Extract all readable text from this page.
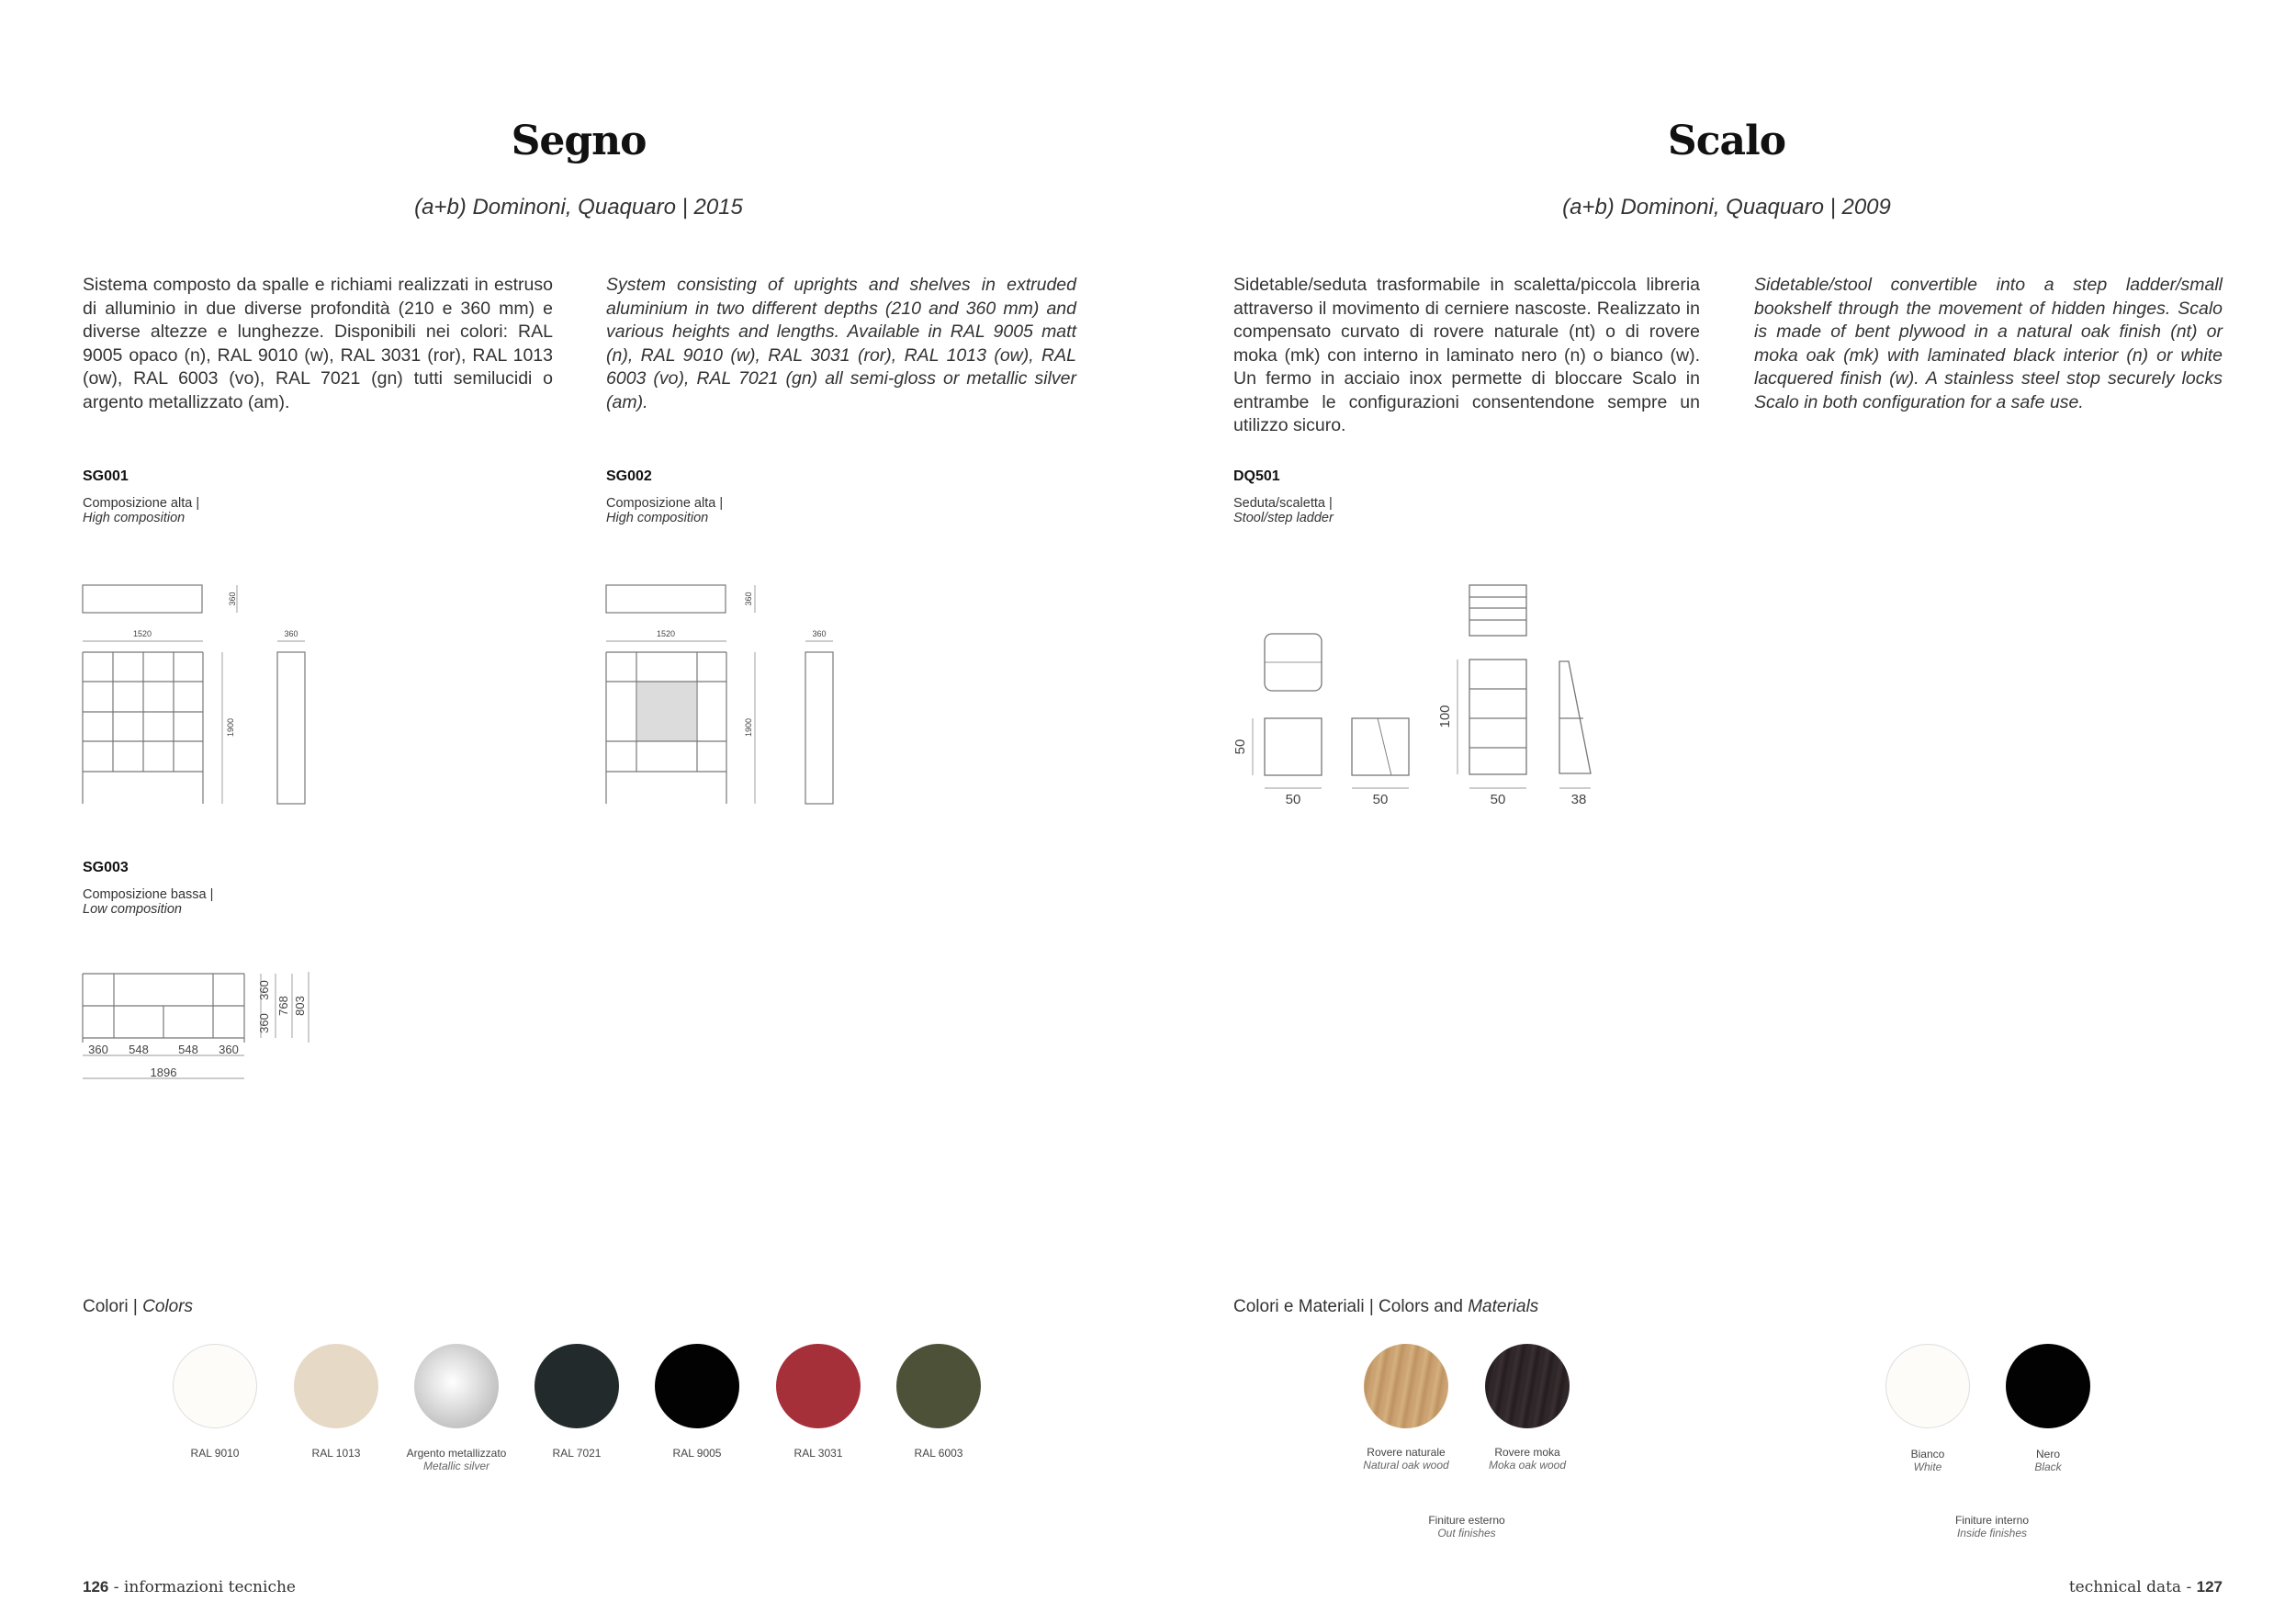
Segno
(a+b) Dominoni, Quaquaro | 2015
Sistema composto da spalle e richiami realizzati in estruso di alluminio in due diverse profondità (210 e 360 mm) e diverse altezze e lunghezze. Disponibili nei colori: RAL 9005 opaco (n), RAL 9010 (w), RAL 3031 (ror), RAL 1013 (ow), RAL 6003 (vo), RAL 7021 (gn) tutti semilucidi o argento metallizzato (am).
System consisting of uprights and shelves in extruded aluminium in two different depths (210 and 360 mm) and various heights and lengths. Available in RAL 9005 matt (n), RAL 9010 (w), RAL 3031 (ror), RAL 1013 (ow), RAL 6003 (vo), RAL 7021 (gn) all semi-gloss or metallic silver (am).
SG001
Composizione alta |
High composition
1520	360
360
1900
SG002
Composizione alta |
High composition
1520	360
360
1900
SG003
Composizione bassa |
Low composition
360 548 548 360
1896
360
360
768 803
Colori | Colors
RAL 9010	RAL 1013	Argento metallizzato
Metallic silver
RAL 7021	RAL 9005	RAL 3031	RAL 6003
126 - informazioni tecniche
Scalo
(a+b) Dominoni, Quaquaro | 2009
Sidetable/seduta trasformabile in scaletta/piccola libreria attraverso il movimento di cerniere nascoste. Realizzato in compensato curvato di rovere naturale (nt) o di rovere moka (mk) con interno in laminato nero (n) o bianco (w). Un fermo in acciaio inox permette di bloccare Scalo in entrambe le configurazioni consentendone sempre un utilizzo sicuro.
Sidetable/stool convertible into a step ladder/small bookshelf through the movement of hidden hinges. Scalo is made of bent plywood in a natural oak finish (nt) or moka oak (mk) with laminated black interior (n) or white lacquered finish (w). A stainless steel stop securely locks Scalo in both configuration for a safe use.
DQ501
Seduta/scaletta |
Stool/step ladder
50	50	50	38
50
100
Colori e Materiali | Colors and Materials
Rovere naturale
Natural oak wood
Rovere moka
Moka oak wood
Finiture esterno
Out finishes
Bianco
White
Nero
Black
Finiture interno
Inside finishes
technical data - 127
